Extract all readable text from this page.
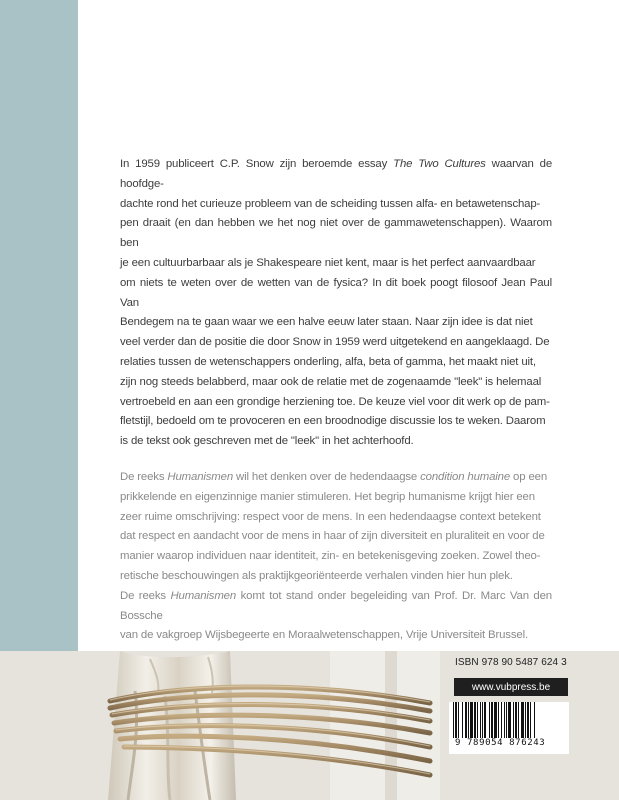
In 1959 publiceert C.P. Snow zijn beroemde essay The Two Cultures waarvan de hoofdge-

dachte rond het curieuze probleem van de scheiding tussen alfa- en betawetenschap-

pen draait (en dan hebben we het nog niet over de gammawetenschappen). Waarom ben

je een cultuurbarbaar als je Shakespeare niet kent, maar is het perfect aanvaardbaar

om niets te weten over de wetten van de fysica? In dit boek poogt filosoof Jean Paul Van

Bendegem na te gaan waar we een halve eeuw later staan. Naar zijn idee is dat niet

veel verder dan de positie die door Snow in 1959 werd uitgetekend en aangeklaagd. De

relaties tussen de wetenschappers onderling, alfa, beta of gamma, het maakt niet uit,

zijn nog steeds belabberd, maar ook de relatie met de zogenaamde "leek" is helemaal

vertroebeld en aan een grondige herziening toe. De keuze viel voor dit werk op de pam-

fletstijl, bedoeld om te provoceren en een broodnodige discussie los te weken. Daarom

is de tekst ook geschreven met de "leek" in het achterhoofd.

De reeks Humanismen wil het denken over de hedendaagse condition humaine op een

prikkelende en eigenzinnige manier stimuleren. Het begrip humanisme krijgt hier een

zeer ruime omschrijving: respect voor de mens. In een hedendaagse context betekent

dat respect en aandacht voor de mens in haar of zijn diversiteit en pluraliteit en voor de

manier waarop individuen naar identiteit, zin- en betekenisgeving zoeken. Zowel theo-

retische beschouwingen als praktijkgeoriënteerde verhalen vinden hier hun plek.

De reeks Humanismen komt tot stand onder begeleiding van Prof. Dr. Marc Van den Bossche

van de vakgroep Wijsbegeerte en Moraalwetenschappen, Vrije Universiteit Brussel.

ISBN 978 90 5487 624 3
www.vubpress.be
9 789054 876243
